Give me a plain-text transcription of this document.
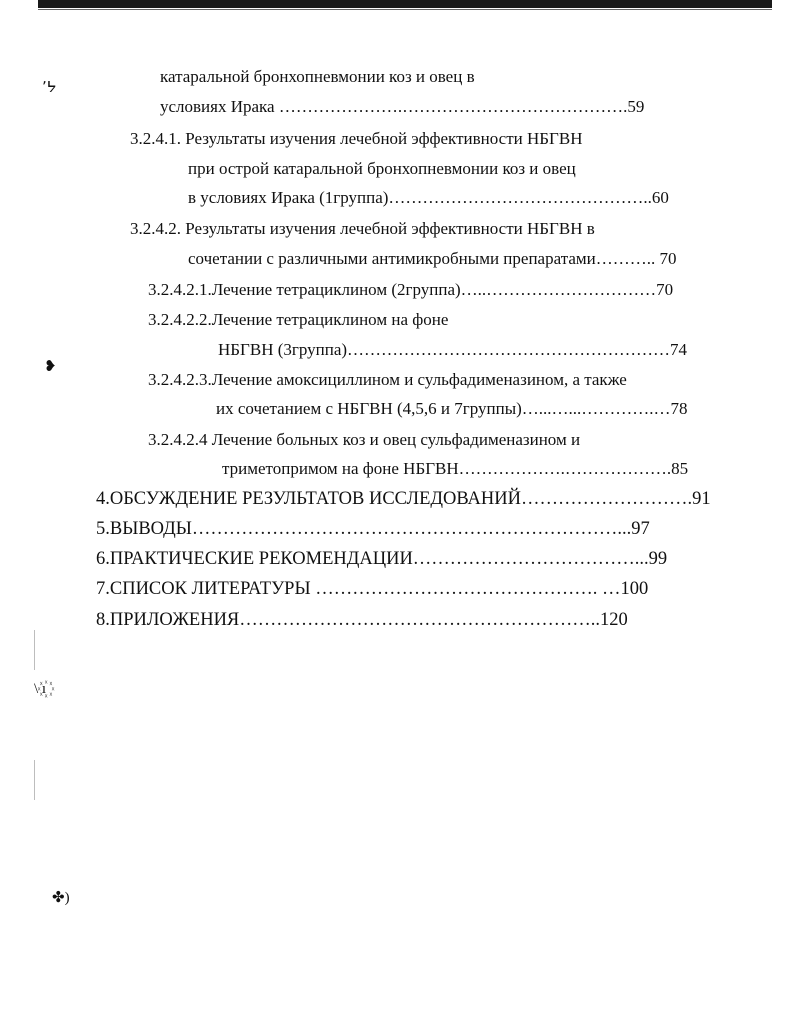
٬ᔭ
❥
\ ı꙰
✤)
катаральной бронхопневмонии коз и овец в
условиях Ирака ………………….………………………………….59
3.2.4.1. Результаты изучения лечебной эффективности НБГВН
при острой катаральной бронхопневмонии коз и овец
в условиях Ирака (1группа)………………………………………..60
3.2.4.2. Результаты изучения лечебной эффективности НБГВН в
сочетании с различными антимикробными препаратами……….. 70
3.2.4.2.1.Лечение тетрациклином (2группа)…..…………………………70
3.2.4.2.2.Лечение тетрациклином на фоне
НБГВН (3группа)…………………………………………………74
3.2.4.2.3.Лечение амоксициллином и сульфадименазином, а также
их сочетанием с НБГВН (4,5,6 и 7группы)…...…...………….…78
3.2.4.2.4 Лечение больных коз и овец сульфадименазином и
триметопримом на фоне НБГВН……………….……………….85
4.ОБСУЖДЕНИЕ РЕЗУЛЬТАТОВ ИССЛЕДОВАНИЙ……………………….91
5.ВЫВОДЫ……………………………………………………………...97
6.ПРАКТИЧЕСКИЕ РЕКОМЕНДАЦИИ………………………………...99
7.СПИСОК ЛИТЕРАТУРЫ ………………………………………. …100
8.ПРИЛОЖЕНИЯ…………………………………………………..120
